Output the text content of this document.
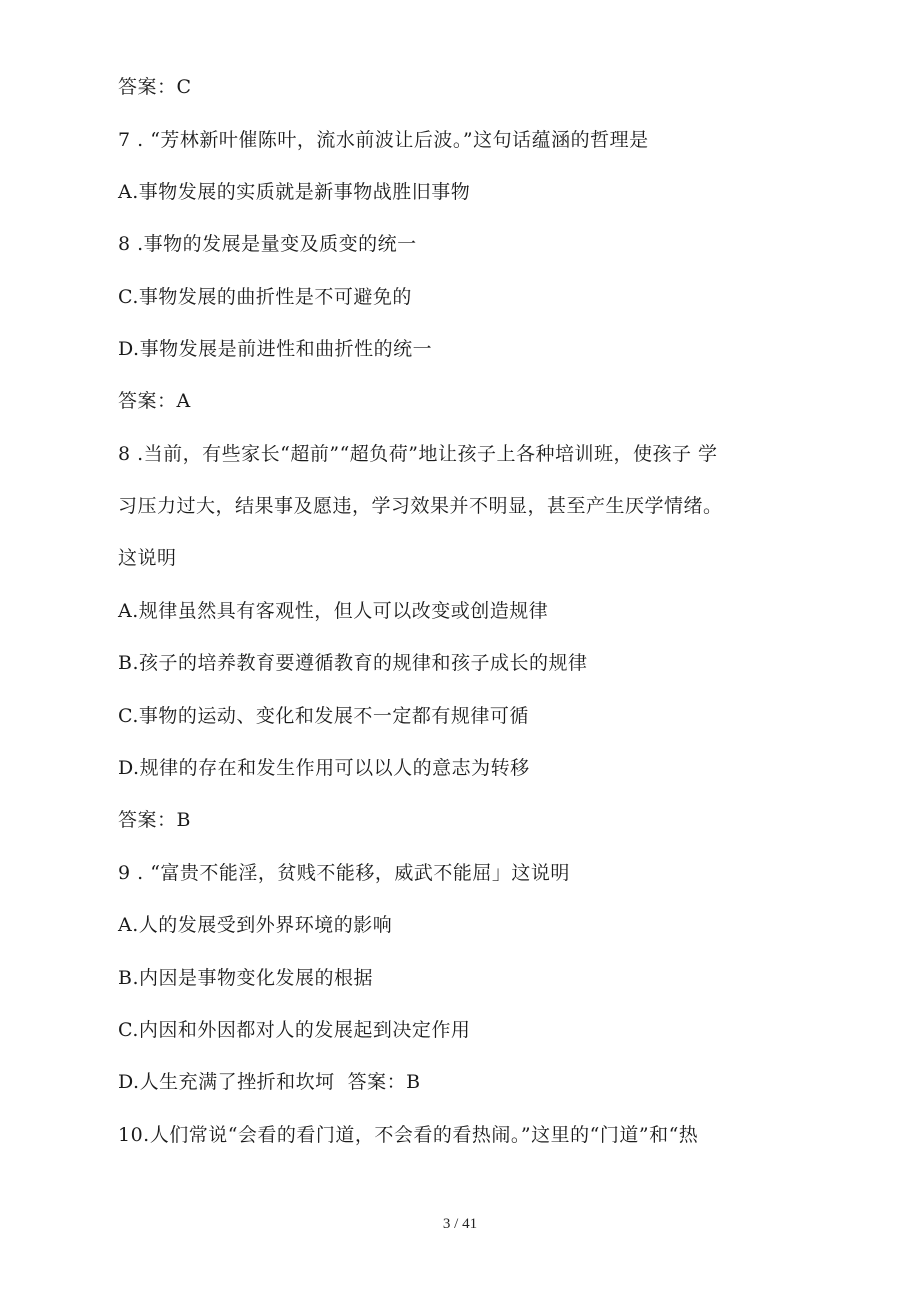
答案：C
7 . “芳林新叶催陈叶，流水前波让后波。”这句话蕴涵的哲理是
A.事物发展的实质就是新事物战胜旧事物
8 .事物的发展是量变及质变的统一
C.事物发展的曲折性是不可避免的
D.事物发展是前进性和曲折性的统一
答案：A
8 .当前，有些家长“超前”“超负荷”地让孩子上各种培训班，使孩子 学
习压力过大，结果事及愿违，学习效果并不明显，甚至产生厌学情绪。
这说明
A.规律虽然具有客观性，但人可以改变或创造规律
B.孩子的培养教育要遵循教育的规律和孩子成长的规律
C.事物的运动、变化和发展不一定都有规律可循
D.规律的存在和发生作用可以以人的意志为转移
答案：B
9 . “富贵不能淫，贫贱不能移，威武不能屈」这说明
A.人的发展受到外界环境的影响
B.内因是事物变化发展的根据
C.内因和外因都对人的发展起到决定作用
D.人生充满了挫折和坎坷  答案：B
10.人们常说“会看的看门道，不会看的看热闹。”这里的“门道”和“热
3 / 41
